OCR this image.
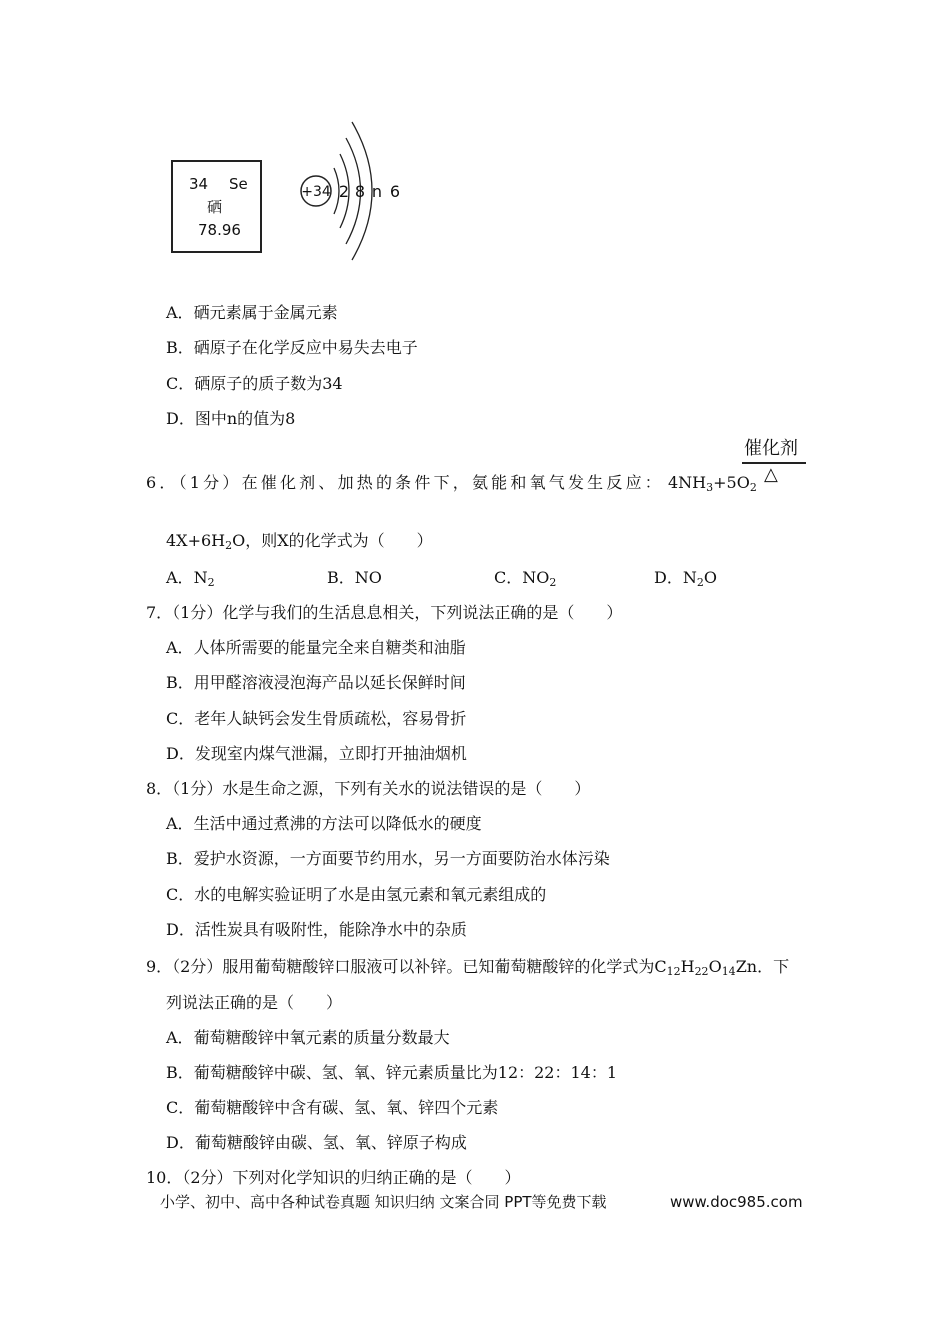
34 Se
硒
78.96
+34 2 8 n 6
A．硒元素属于金属元素
B．硒原子在化学反应中易失去电子
C．硒原子的质子数为34
D．图中n的值为8
6．（1分）在催化剂、加热的条件下，氨能和氧气发生反应： $4NH_3+5O_2$
催化剂
△
$4X+6H_2O$，则X的化学式为（　　）
A．$N_2$	B．NO	C．$NO_2$	D．$N_2O$
7．（1分）化学与我们的生活息息相关，下列说法正确的是（　　）
A．人体所需要的能量完全来自糖类和油脂
B．用甲醛溶液浸泡海产品以延长保鲜时间
C．老年人缺钙会发生骨质疏松，容易骨折
D．发现室内煤气泄漏，立即打开抽油烟机
8．（1分）水是生命之源，下列有关水的说法错误的是（　　）
A．生活中通过煮沸的方法可以降低水的硬度
B．爱护水资源，一方面要节约用水，另一方面要防治水体污染
C．水的电解实验证明了水是由氢元素和氧元素组成的
D．活性炭具有吸附性，能除净水中的杂质
9．（2分）服用葡萄糖酸锌口服液可以补锌。已知葡萄糖酸锌的化学式为$C_{12}H_{22}O_{14}Zn$．下
列说法正确的是（　　）
A．葡萄糖酸锌中氧元素的质量分数最大
B．葡萄糖酸锌中碳、氢、氧、锌元素质量比为12：22：14：1
C．葡萄糖酸锌中含有碳、氢、氧、锌四个元素
D．葡萄糖酸锌由碳、氢、氧、锌原子构成
10．（2分）下列对化学知识的归纳正确的是（　　）
小学、初中、高中各种试卷真题 知识归纳 文案合同 PPT等免费下载	www.doc985.com
